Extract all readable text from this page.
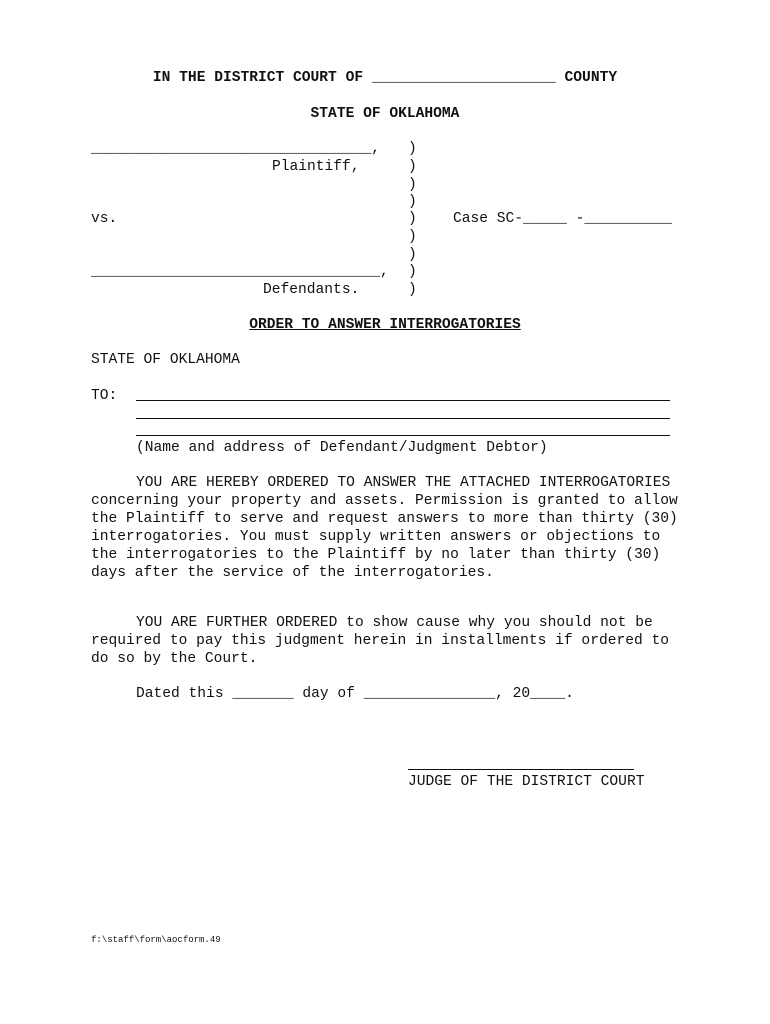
IN THE DISTRICT COURT OF _____________________ COUNTY
STATE OF OKLAHOMA
________________________________,
Plaintiff,
vs.
_________________________________,
Defendants.
)
)
)
)
)
)
)
)
)
Case SC-_____ -__________
ORDER TO ANSWER INTERROGATORIES
STATE OF OKLAHOMA
TO:
(Name and address of Defendant/Judgment Debtor)
YOU ARE HEREBY ORDERED TO ANSWER THE ATTACHED INTERROGATORIES concerning your property and assets. Permission is granted to allow the Plaintiff to serve and request answers to more than thirty (30) interrogatories. You must supply written answers or objections to the interrogatories to the Plaintiff by no later than thirty (30) days after the service of the interrogatories.
YOU ARE FURTHER ORDERED to show cause why you should not be required to pay this judgment herein in installments if ordered to do so by the Court.
Dated this _______ day of _______________, 20____.
JUDGE OF THE DISTRICT COURT
f:\staff\form\aocform.49
